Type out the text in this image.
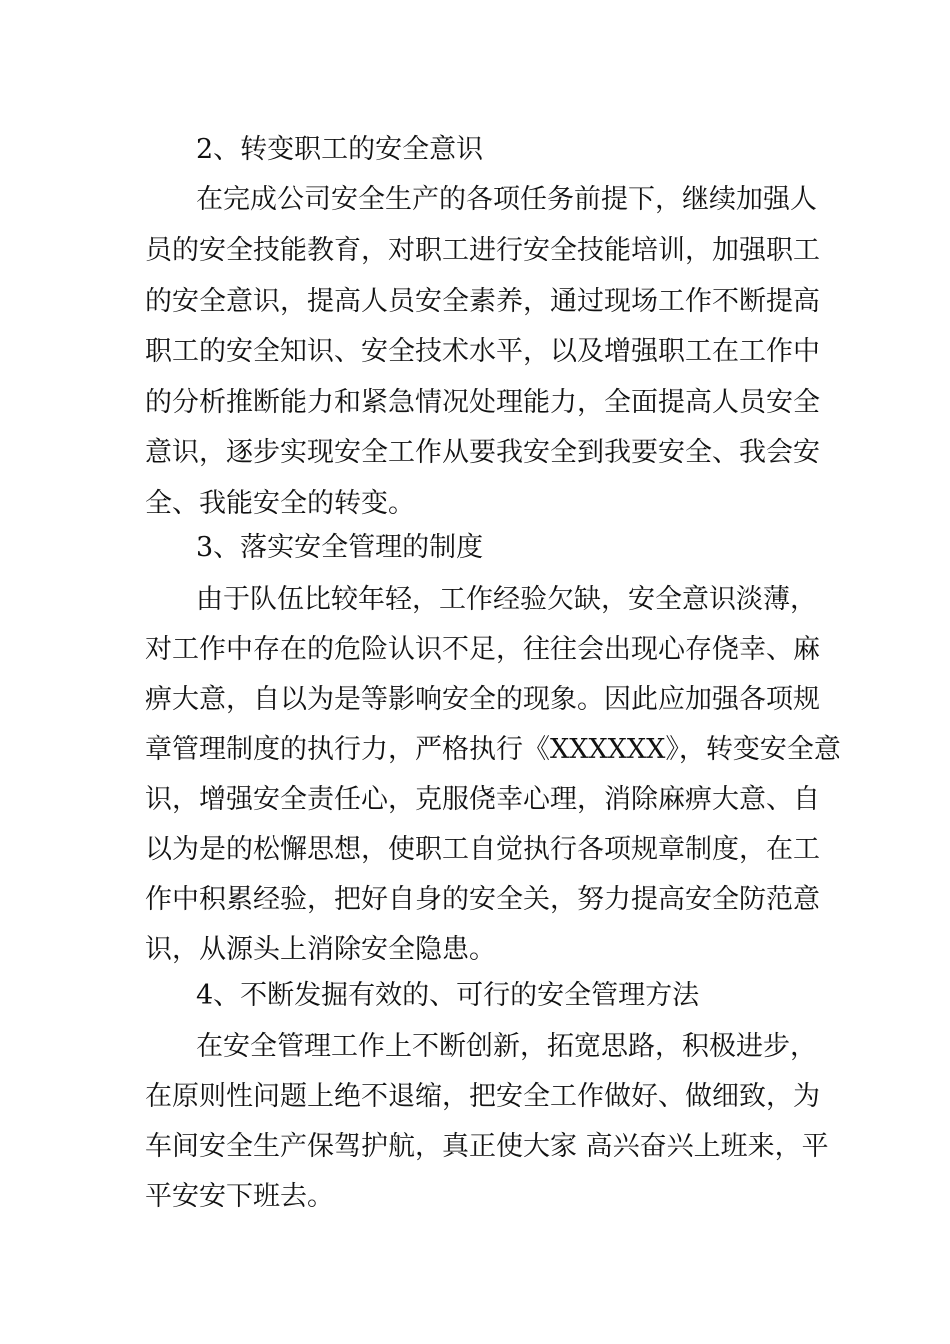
2、转变职工的安全意识
在完成公司安全生产的各项任务前提下，继续加强人
员的安全技能教育，对职工进行安全技能培训，加强职工
的安全意识，提高人员安全素养，通过现场工作不断提高
职工的安全知识、安全技术水平，以及增强职工在工作中
的分析推断能力和紧急情况处理能力，全面提高人员安全
意识，逐步实现安全工作从要我安全到我要安全、我会安
全、我能安全的转变。
3、落实安全管理的制度
由于队伍比较年轻，工作经验欠缺，安全意识淡薄，
对工作中存在的危险认识不足，往往会出现心存侥幸、麻
痹大意，自以为是等影响安全的现象。因此应加强各项规
章管理制度的执行力，严格执行《XXXXXX》，转变安全意
识，增强安全责任心，克服侥幸心理，消除麻痹大意、自
以为是的松懈思想，使职工自觉执行各项规章制度，在工
作中积累经验，把好自身的安全关，努力提高安全防范意
识，从源头上消除安全隐患。
4、不断发掘有效的、可行的安全管理方法
在安全管理工作上不断创新，拓宽思路，积极进步，
在原则性问题上绝不退缩，把安全工作做好、做细致，为
车间安全生产保驾护航，真正使大家 高兴奋兴上班来，平
平安安下班去。
